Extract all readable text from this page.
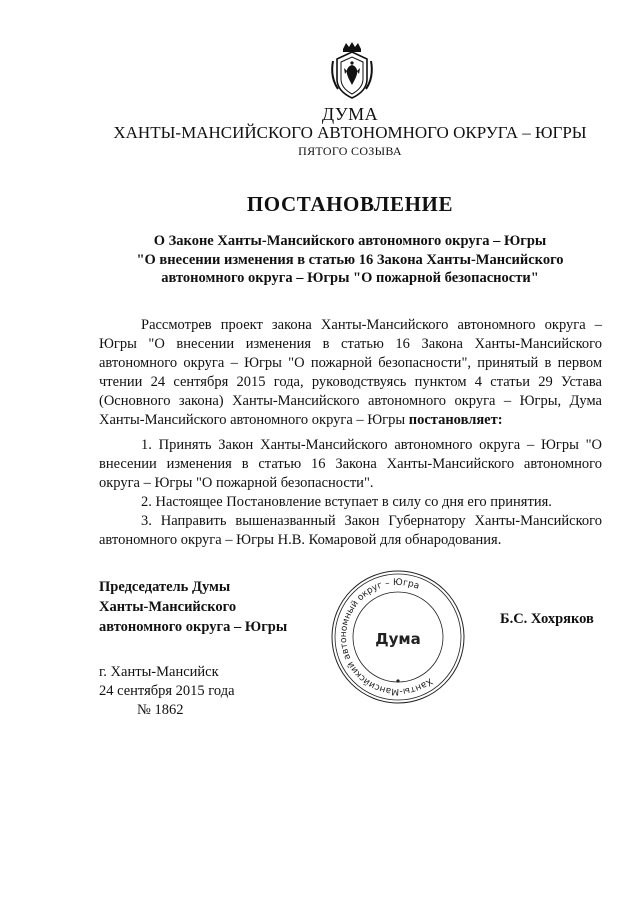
ДУМА
ХАНТЫ-МАНСИЙСКОГО АВТОНОМНОГО ОКРУГА – ЮГРЫ
ПЯТОГО СОЗЫВА
ПОСТАНОВЛЕНИЕ
О Законе Ханты-Мансийского автономного округа – Югры
"О внесении изменения в статью 16 Закона Ханты-Мансийского
автономного округа – Югры "О пожарной безопасности"

Рассмотрев проект закона Ханты-Мансийского автономного округа – Югры "О внесении изменения в статью 16 Закона Ханты-Мансийского автономного округа – Югры "О пожарной безопасности", принятый в первом чтении 24 сентября 2015 года, руководствуясь пунктом 4 статьи 29 Устава (Основного закона) Ханты-Мансийского автономного округа – Югры, Дума Ханты-Мансийского автономного округа – Югры постановляет:

1. Принять Закон Ханты-Мансийского автономного округа – Югры "О внесении изменения в статью 16 Закона Ханты-Мансийского автономного округа – Югры "О пожарной безопасности".

2. Настоящее Постановление вступает в силу со дня его принятия.

3. Направить вышеназванный Закон Губернатору Ханты-Мансийского автономного округа – Югры Н.В. Комаровой для обнародования.

Председатель Думы
Ханты-Мансийского
автономного округа – Югры
Ханты-Мансийский автономный округ – Югра
Дума
Б.С. Хохряков
г. Ханты-Мансийск
24 сентября 2015 года
№ 1862
